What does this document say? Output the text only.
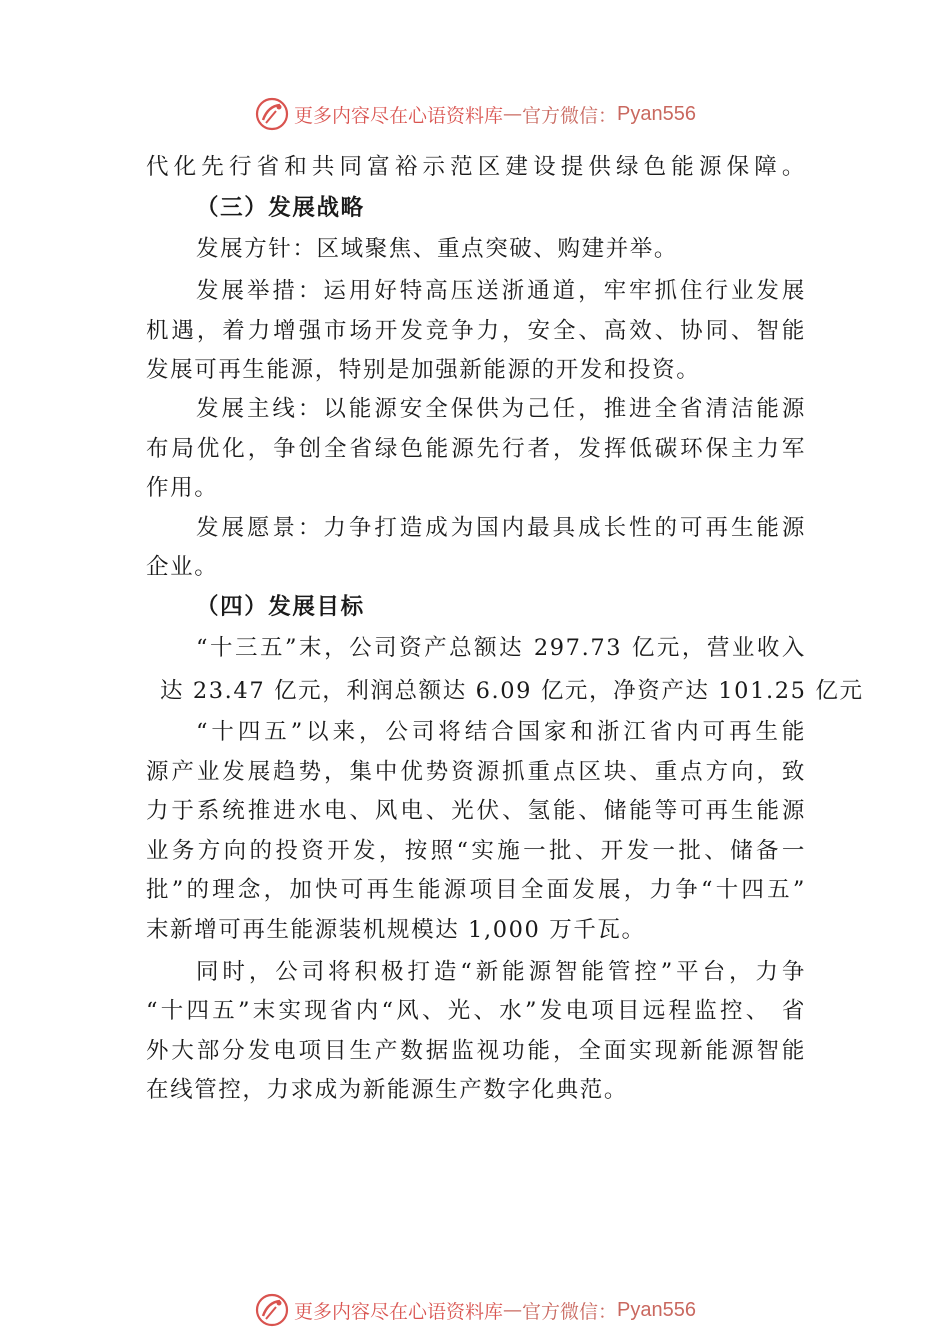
更多内容尽在心语资料库 — 官方微信： Pyan556
代化先行省和共同富裕示范区建设提供绿色能源保障。
（三）发展战略
发展方针：区域聚焦、重点突破、购建并举。
发展举措：运用好特高压送浙通道，牢牢抓住行业发展
机遇，着力增强市场开发竞争力，安全、高效、协同、智能
发展可再生能源，特别是加强新能源的开发和投资。
发展主线：以能源安全保供为己任，推进全省清洁能源
布局优化，争创全省绿色能源先行者，发挥低碳环保主力军
作用。
发展愿景：力争打造成为国内最具成长性的可再生能源
企业。
（四）发展目标
“十三五”末，公司资产总额达 297.73 亿元，营业收入
达 23.47 亿元，利润总额达 6.09 亿元，净资产达 101.25 亿元
“十四五”以来，公司将结合国家和浙江省内可再生能
源产业发展趋势，集中优势资源抓重点区块、重点方向，致
力于系统推进水电、风电、光伏、氢能、储能等可再生能源
业务方向的投资开发，按照“实施一批、开发一批、储备一
批”的理念，加快可再生能源项目全面发展，力争“十四五”
末新增可再生能源装机规模达 1,000 万千瓦。
同时，公司将积极打造“新能源智能管控”平台，力争
“十四五”末实现省内“风、光、水”发电项目远程监控、 省
外大部分发电项目生产数据监视功能，全面实现新能源智能
在线管控，力求成为新能源生产数字化典范。
更多内容尽在心语资料库 — 官方微信： Pyan556
